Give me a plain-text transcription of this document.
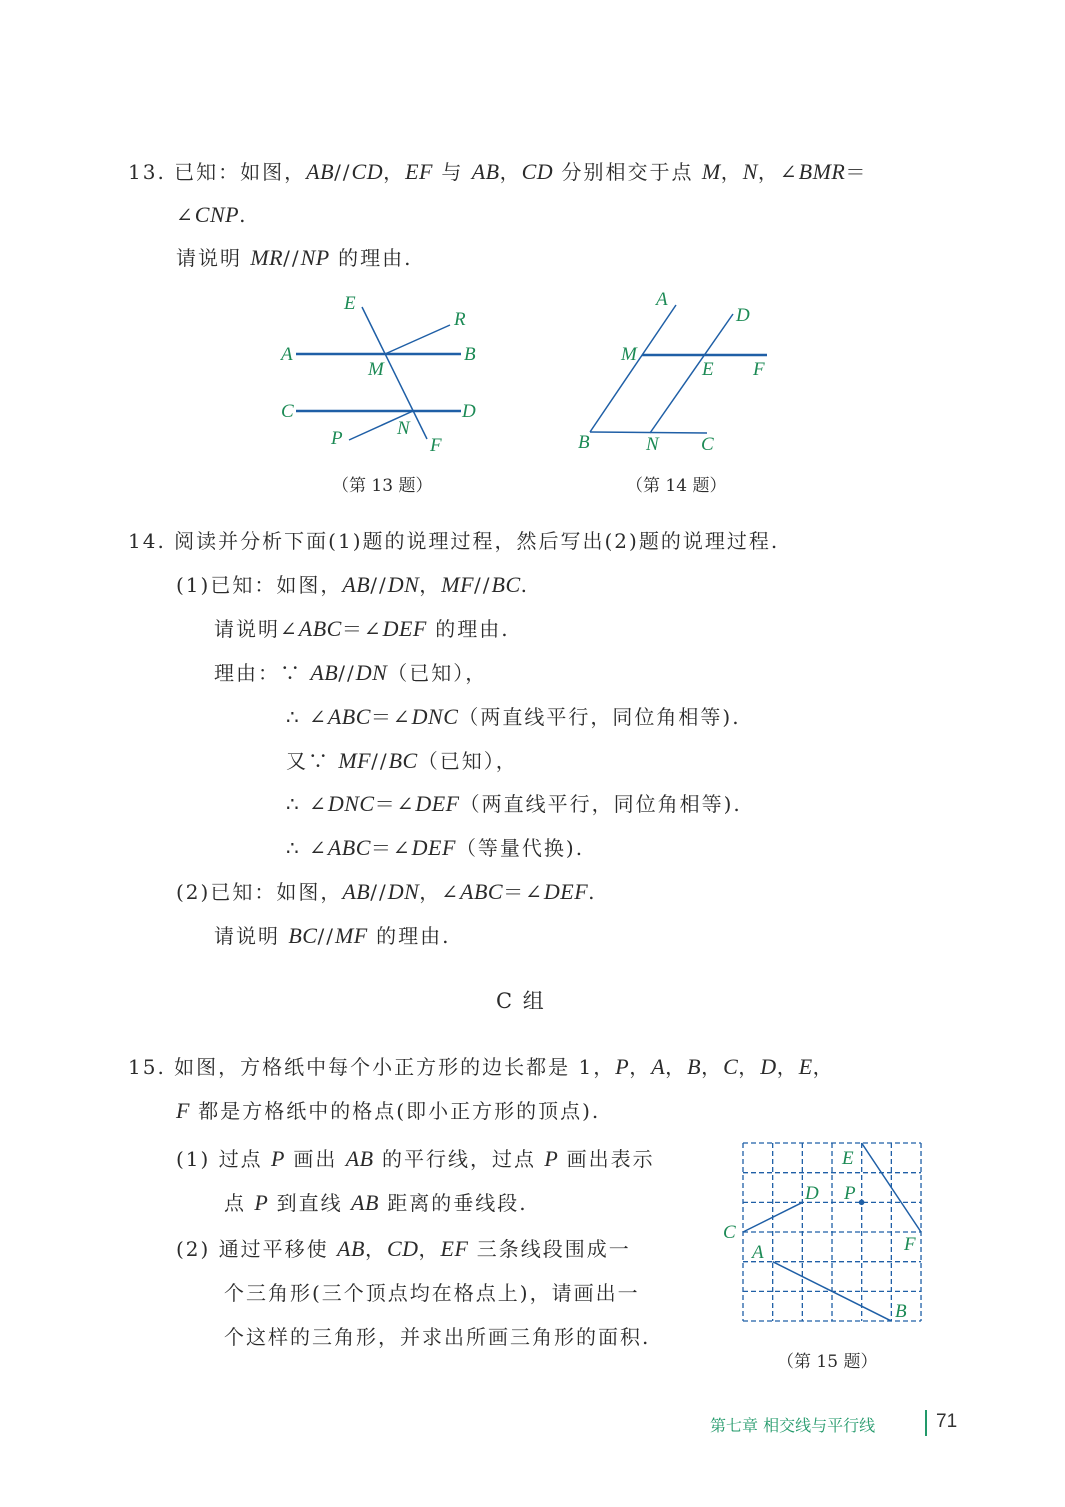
13. 已知：如图，AB//CD，EF 与 AB，CD 分别相交于点 M，N，∠BMR＝
∠CNP.
请说明 MR//NP 的理由.
E
R
A	B
M
C	D
P	N
F
（第 13 题）
A
D
M
E F
B	N C
（第 14 题）
14. 阅读并分析下面(1)题的说理过程，然后写出(2)题的说理过程.
(1)已知：如图，AB//DN，MF//BC.
请说明∠ABC＝∠DEF 的理由.
理由：∵ AB//DN（已知），
∴ ∠ABC＝∠DNC（两直线平行，同位角相等).
又∵ MF//BC（已知），
∴ ∠DNC＝∠DEF（两直线平行，同位角相等).
∴ ∠ABC＝∠DEF（等量代换).
(2)已知：如图，AB//DN，∠ABC＝∠DEF.
请说明 BC//MF 的理由.
C 组
15. 如图，方格纸中每个小正方形的边长都是 1，P，A，B，C，D，E，
F 都是方格纸中的格点(即小正方形的顶点).
(1) 过点 P 画出 AB 的平行线，过点 P 画出表示
点 P 到直线 AB 距离的垂线段.
(2) 通过平移使 AB，CD，EF 三条线段围成一
个三角形(三个顶点均在格点上)，请画出一
个这样的三角形，并求出所画三角形的面积.
E
D P
C
F
A
B
（第 15 题）
第七章 相交线与平行线	71
